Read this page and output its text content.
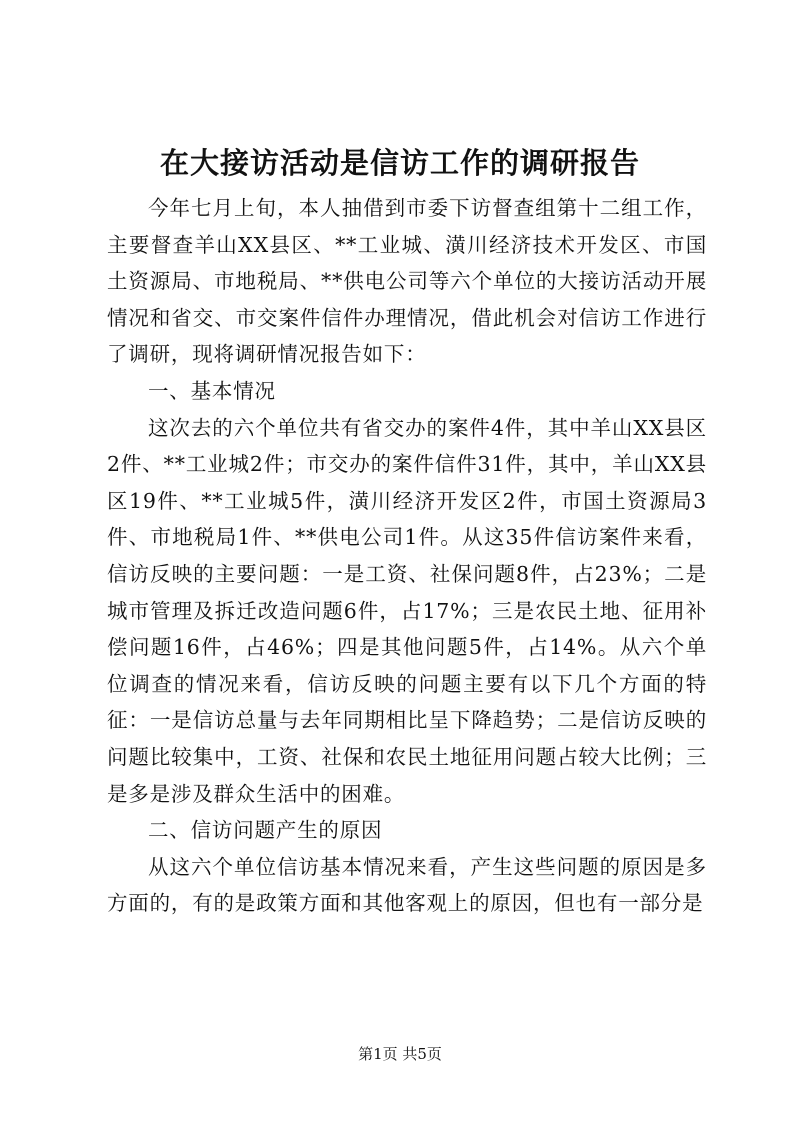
在大接访活动是信访工作的调研报告

今年七月上旬，本人抽借到市委下访督查组第十二组工作，主要督查羊山XX县区、**工业城、潢川经济技术开发区、市国土资源局、市地税局、**供电公司等六个单位的大接访活动开展情况和省交、市交案件信件办理情况，借此机会对信访工作进行了调研，现将调研情况报告如下：

一、基本情况

这次去的六个单位共有省交办的案件4件，其中羊山XX县区2件、**工业城2件；市交办的案件信件31件，其中，羊山XX县区19件、**工业城5件，潢川经济开发区2件，市国土资源局3件、市地税局1件、**供电公司1件。从这35件信访案件来看，信访反映的主要问题：一是工资、社保问题8件，占23%；二是城市管理及拆迁改造问题6件，占17%；三是农民土地、征用补偿问题16件，占46%；四是其他问题5件，占14%。从六个单位调查的情况来看，信访反映的问题主要有以下几个方面的特征：一是信访总量与去年同期相比呈下降趋势；二是信访反映的问题比较集中，工资、社保和农民土地征用问题占较大比例；三是多是涉及群众生活中的困难。

二、信访问题产生的原因

从这六个单位信访基本情况来看，产生这些问题的原因是多方面的，有的是政策方面和其他客观上的原因，但也有一部分是

第1页 共5页
